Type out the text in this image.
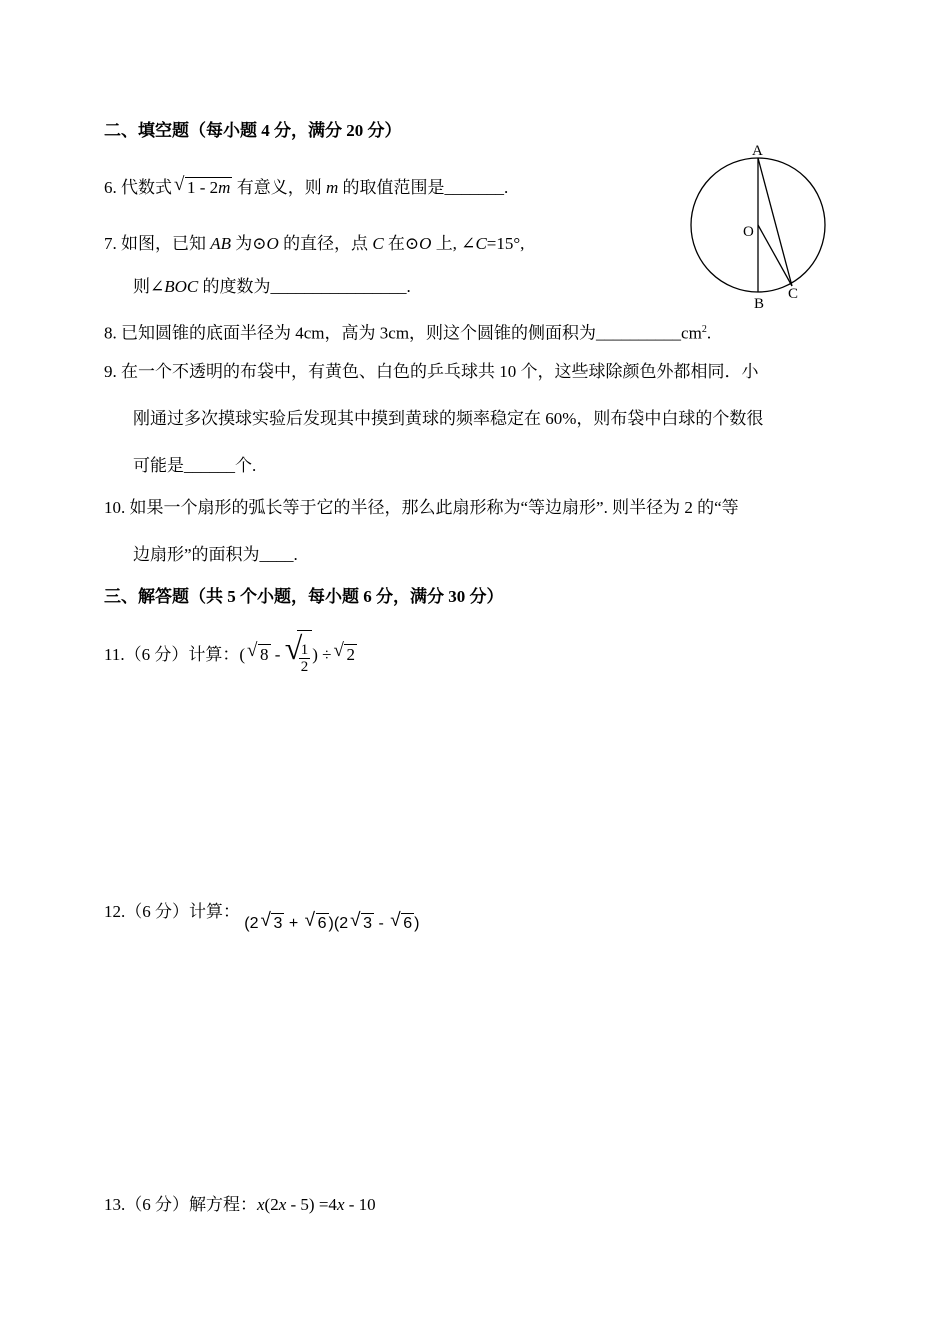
二、填空题（每小题 4 分，满分 20 分）
6. 代数式 √ 1 - 2m 有意义，则 m 的取值范围是_______.
7. 如图，已知 AB 为⊙O 的直径，点 C 在⊙O 上, ∠C=15°,
则∠BOC 的度数为________________.
A
O
B
C
8. 已知圆锥的底面半径为 4cm，高为 3cm，则这个圆锥的侧面积为$\_\_\_\_\_\_\_\_\_\_cm^2$.
9. 在一个不透明的布袋中，有黄色、白色的乒乓球共 10 个，这些球除颜色外都相同．小
刚通过多次摸球实验后发现其中摸到黄球的频率稳定在 60%，则布袋中白球的个数很
可能是______个.
10. 如果一个扇形的弧长等于它的半径，那么此扇形称为“等边扇形”. 则半径为 2 的“等
边扇形”的面积为____.
三、解答题（共 5 个小题，每小题 6 分，满分 30 分）
11.（6 分）计算：( √ 8 - √
$\frac{1}{2}$ ) ÷ √ 2
12.（6 分）计算： (2 √ 3 + √ 6 )(2 √ 3 - √ 6 )
13.（6 分）解方程：x(2x - 5) =4x - 10
